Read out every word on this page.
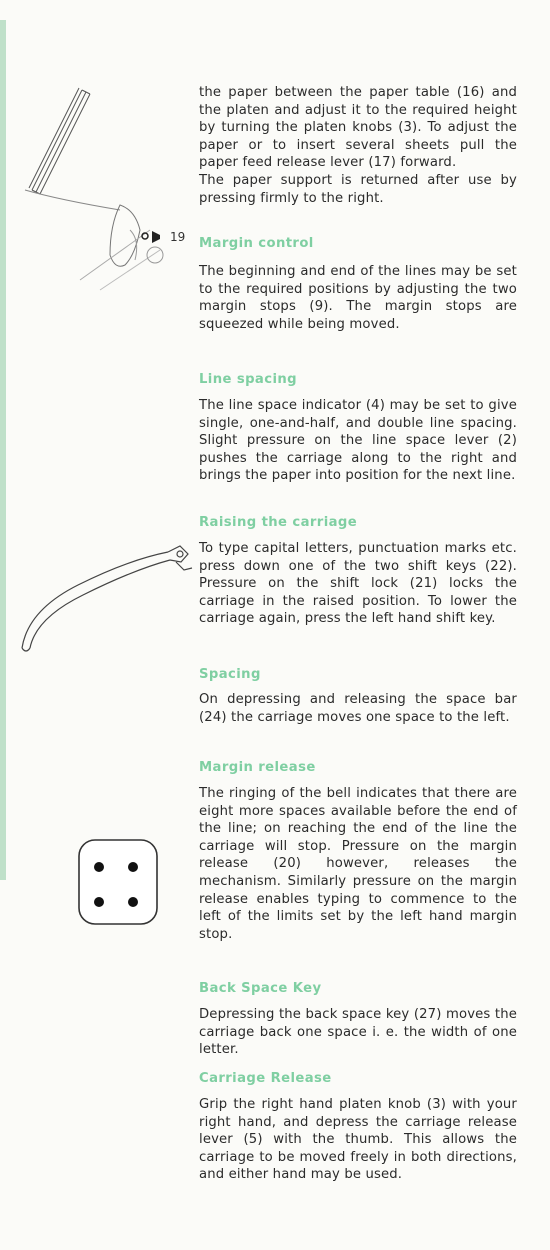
19

the paper between the paper table (16) and the platen and adjust it to the required height by turning the platen knobs (3). To adjust the paper or to insert several sheets pull the paper feed release lever (17) forward.

The paper support is returned after use by pressing firmly to the right.

Margin control

The beginning and end of the lines may be set to the required positions by adjusting the two margin stops (9). The margin stops are squeezed while being moved.

Line spacing

The line space indicator (4) may be set to give single, one-and-half, and double line spacing. Slight pressure on the line space lever (2) pushes the carriage along to the right and brings the paper into position for the next line.

Raising the carriage

To type capital letters, punctuation marks etc. press down one of the two shift keys (22). Pressure on the shift lock (21) locks the carriage in the raised position. To lower the carriage again, press the left hand shift key.

Spacing

On depressing and releasing the space bar (24) the carriage moves one space to the left.

Margin release

The ringing of the bell indicates that there are eight more spaces available before the end of the line; on reaching the end of the line the carriage will stop. Pressure on the margin release (20) however, releases the mechanism. Similarly pressure on the margin release enables typing to commence to the left of the limits set by the left hand margin stop.

Back Space Key

Depressing the back space key (27) moves the carriage back one space i. e. the width of one letter.

Carriage Release

Grip the right hand platen knob (3) with your right hand, and depress the carriage release lever (5) with the thumb. This allows the carriage to be moved freely in both directions, and either hand may be used.
